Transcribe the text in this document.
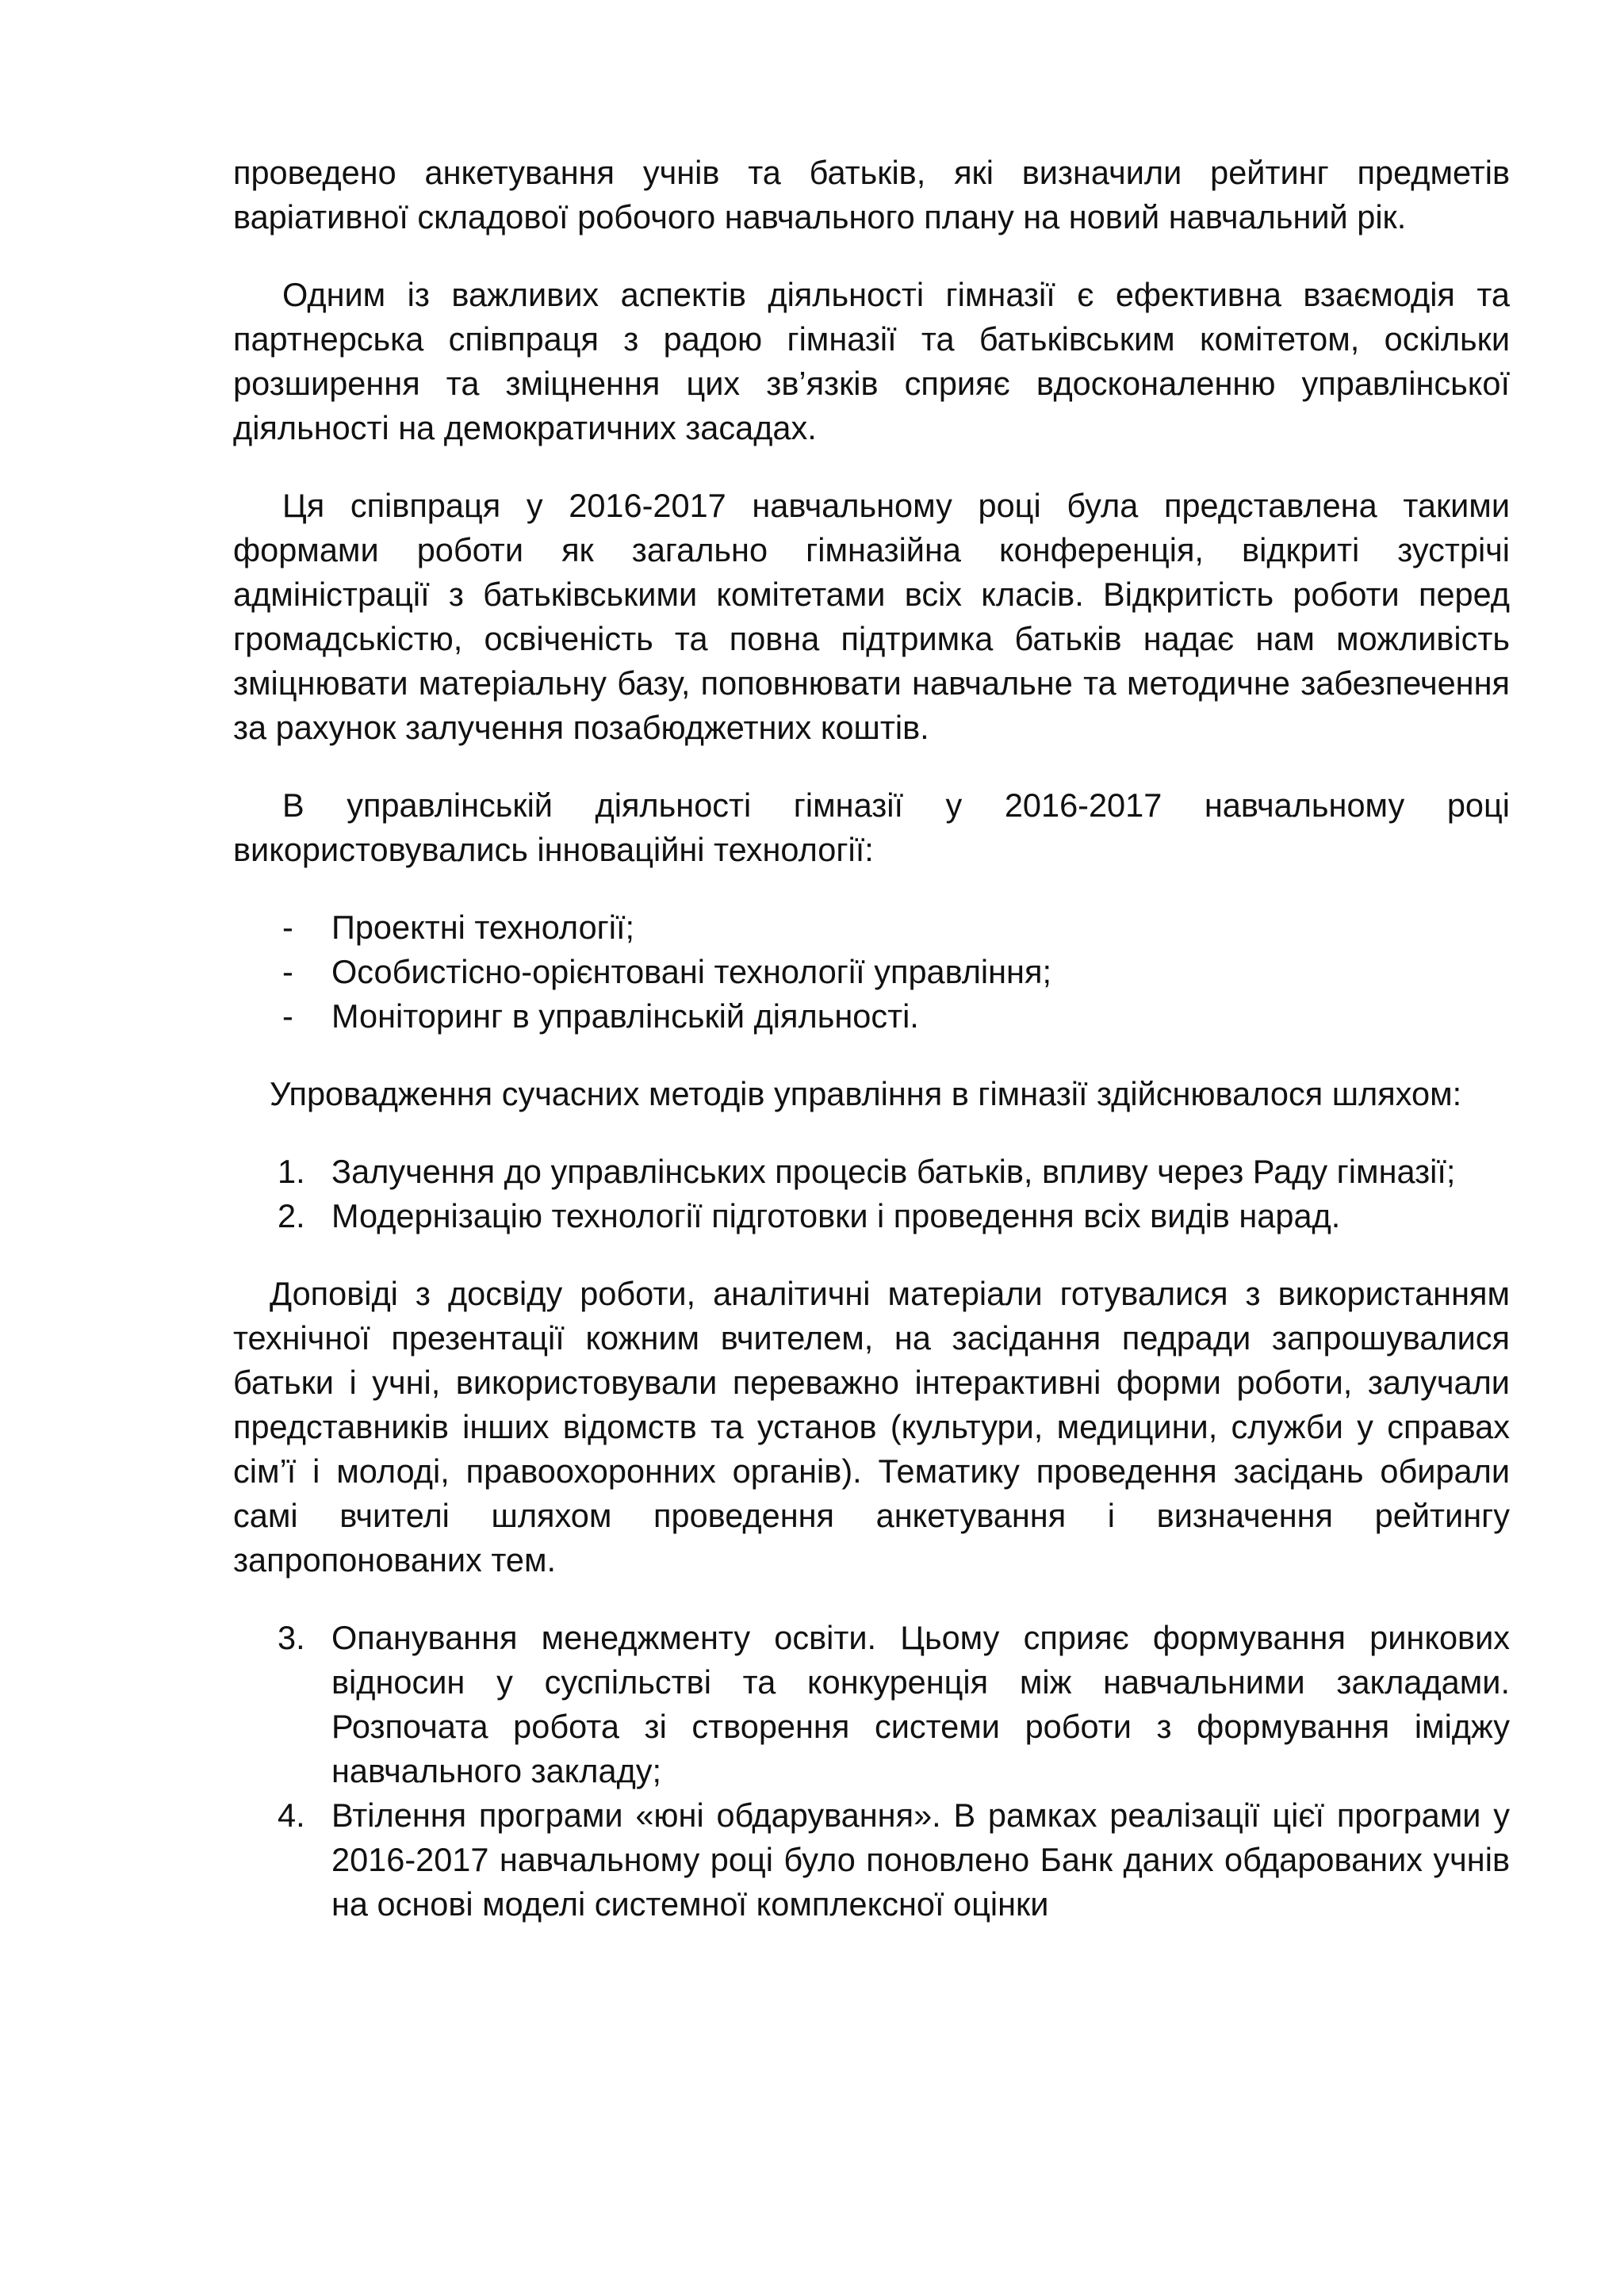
проведено анкетування учнів та батьків, які визначили рейтинг предметів варіативної складової робочого навчального плану на новий навчальний рік.

Одним із важливих аспектів діяльності гімназії є ефективна взаємодія та партнерська співпраця з радою гімназії та батьківським комітетом, оскільки розширення та зміцнення цих зв’язків сприяє вдосконаленню управлінської діяльності на демократичних засадах.

Ця співпраця у 2016-2017 навчальному році була представлена такими формами роботи як загально гімназійна конференція, відкриті зустрічі адміністрації з батьківськими комітетами всіх класів. Відкритість роботи перед громадськістю, освіченість та повна підтримка батьків надає нам можливість зміцнювати матеріальну базу, поповнювати навчальне та методичне забезпечення за рахунок залучення позабюджетних коштів.

В управлінській діяльності гімназії у 2016-2017 навчальному році використовувались інноваційні технології:

- Проектні технології;
- Особистісно-орієнтовані технології управління;
- Моніторинг в управлінській діяльності.

Упровадження сучасних методів управління в гімназії здійснювалося шляхом:

1. Залучення до управлінських процесів батьків, впливу через Раду гімназії;
2. Модернізацію технології підготовки і проведення всіх видів нарад.

Доповіді з досвіду роботи, аналітичні матеріали готувалися з використанням технічної презентації кожним вчителем, на засідання педради запрошувалися батьки і учні, використовували переважно інтерактивні форми роботи, залучали представників інших відомств та установ (культури, медицини, служби у справах сім’ї і молоді, правоохоронних органів). Тематику проведення засідань обирали самі вчителі шляхом проведення анкетування і визначення рейтингу запропонованих тем.

3. Опанування менеджменту освіти. Цьому сприяє формування ринкових відносин у суспільстві та конкуренція між навчальними закладами. Розпочата робота зі створення системи роботи з формування іміджу навчального закладу;
4. Втілення програми «юні обдарування». В рамках реалізації цієї програми у 2016-2017 навчальному році було поновлено Банк даних обдарованих учнів на основі моделі системної комплексної оцінки
